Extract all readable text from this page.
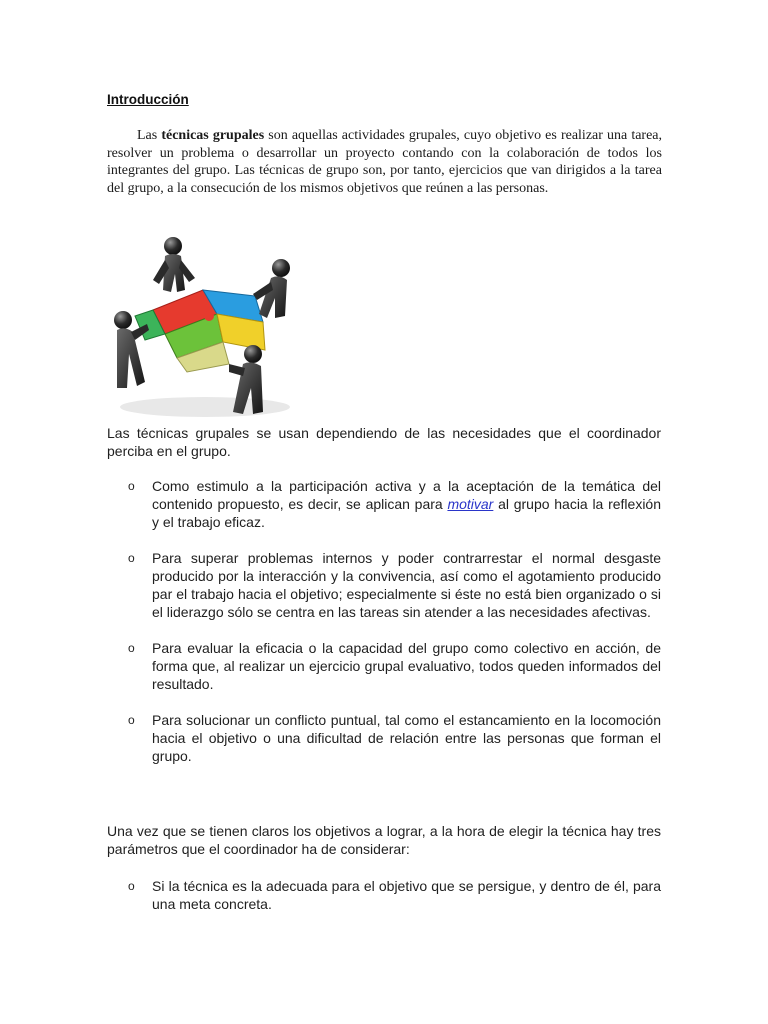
Introducción
Las técnicas grupales son aquellas actividades grupales, cuyo objetivo es realizar una tarea, resolver un problema o desarrollar un proyecto contando con la colaboración de todos los integrantes del grupo. Las técnicas de grupo son, por tanto, ejercicios que van dirigidos a la tarea del grupo, a la consecución de los mismos objetivos que reúnen a las personas.
Las técnicas grupales se usan dependiendo de las necesidades que el coordinador perciba en el grupo.
o Como estimulo a la participación activa y a la aceptación de la temática del contenido propuesto, es decir, se aplican para motivar al grupo hacia la reflexión y el trabajo eficaz.
o Para superar problemas internos y poder contrarrestar el normal desgaste producido por la interacción y la convivencia, así como el agotamiento producido par el trabajo hacia el objetivo; especialmente si éste no está bien organizado o si el liderazgo sólo se centra en las tareas sin atender a las necesidades afectivas.
o Para evaluar la eficacia o la capacidad del grupo como colectivo en acción, de forma que, al realizar un ejercicio grupal evaluativo, todos queden informados del resultado.
o Para solucionar un conflicto puntual, tal como el estancamiento en la locomoción hacia el objetivo o una dificultad de relación entre las personas que forman el grupo.
Una vez que se tienen claros los objetivos a lograr, a la hora de elegir la técnica hay tres parámetros que el coordinador ha de considerar:
o Si la técnica es la adecuada para el objetivo que se persigue, y dentro de él, para una meta concreta.
